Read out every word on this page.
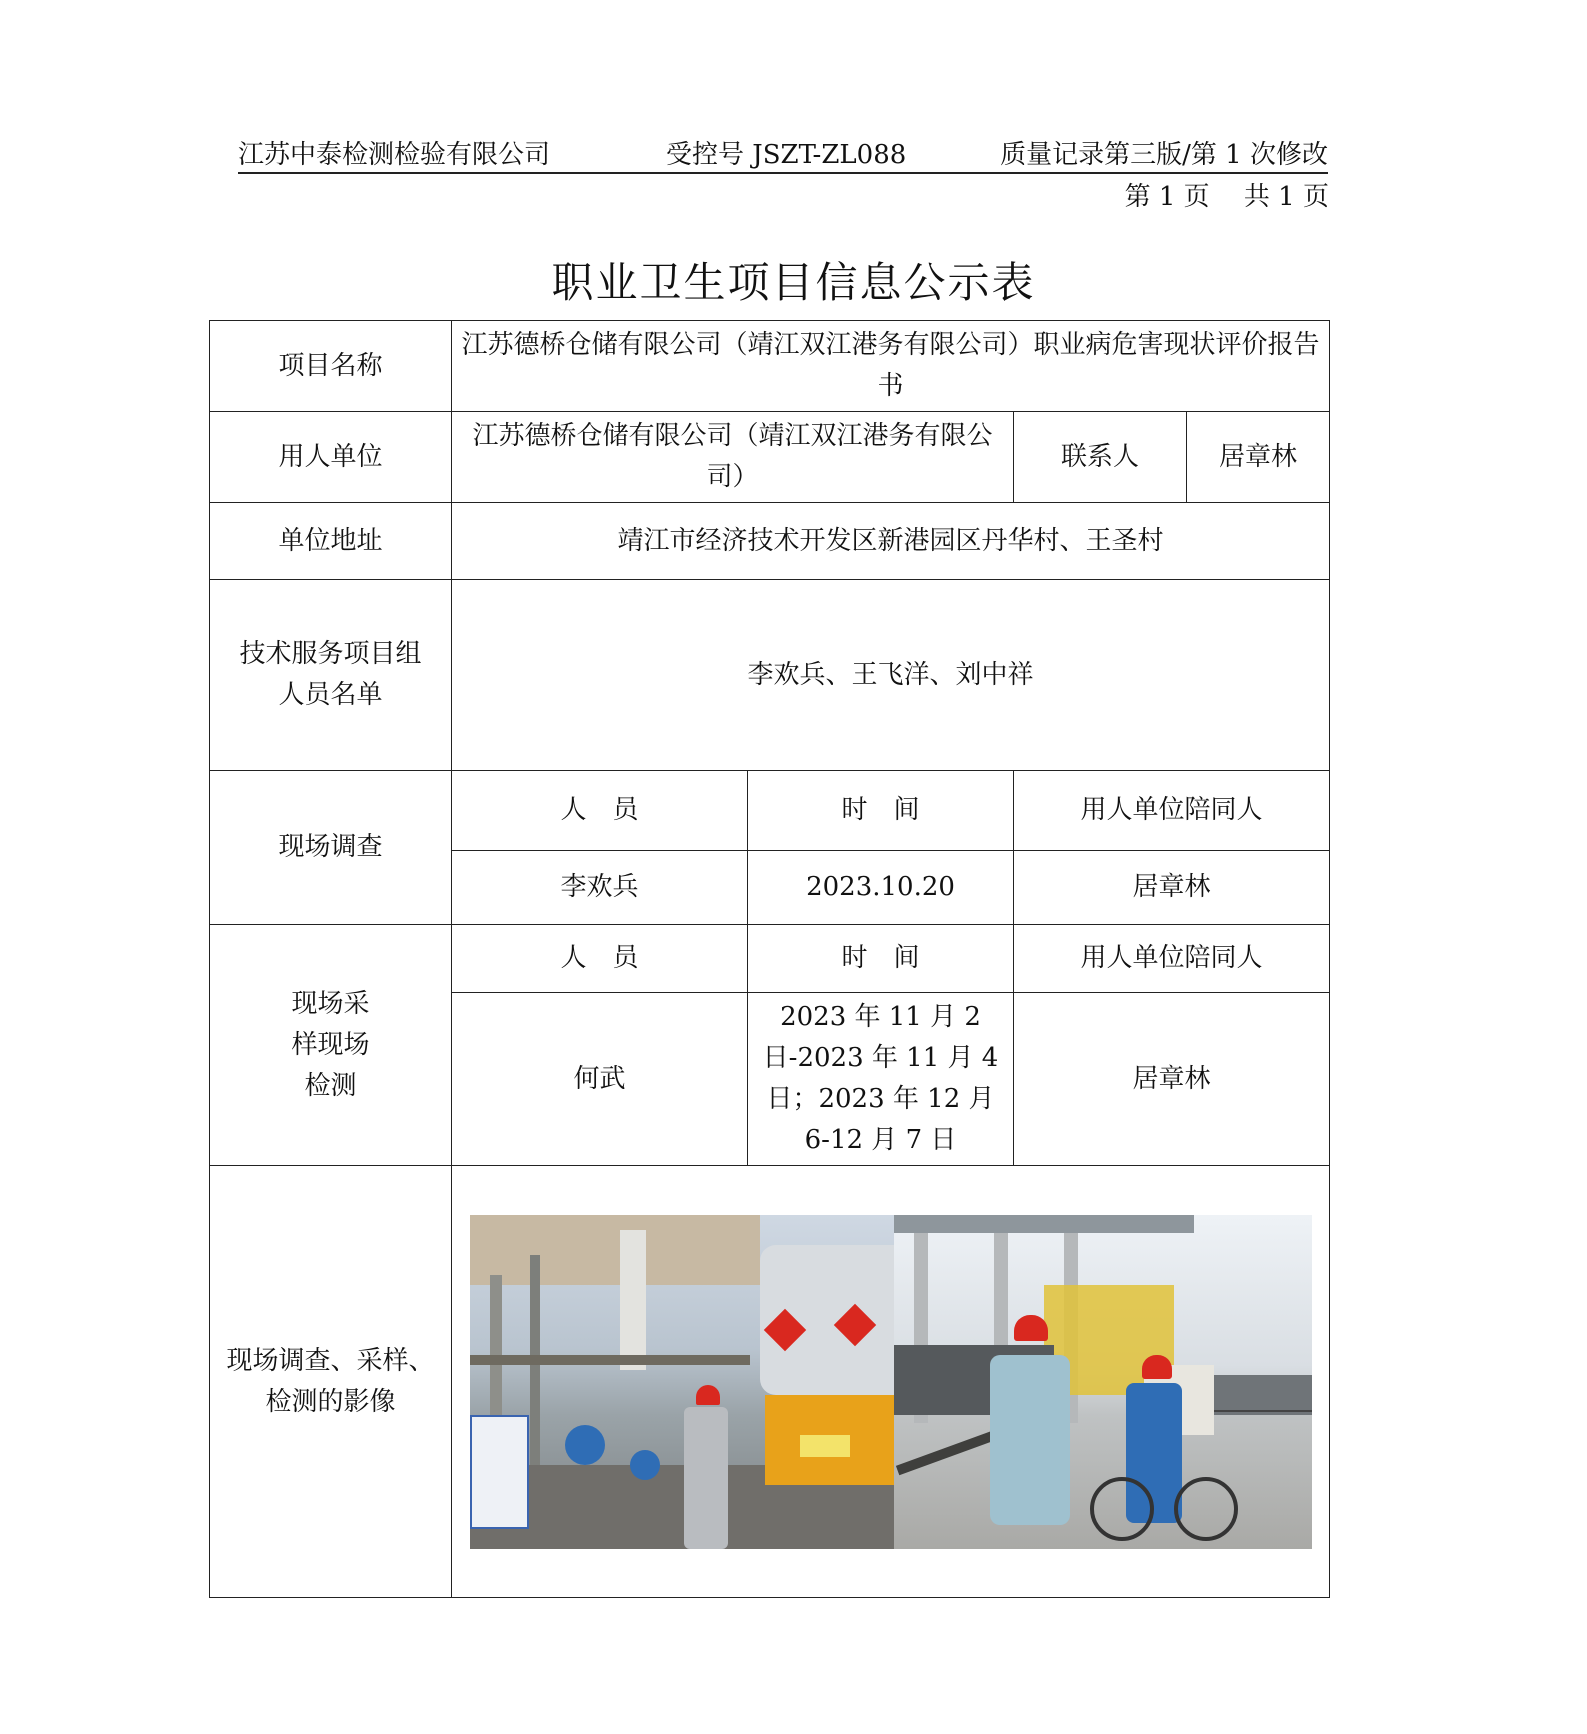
江苏中泰检测检验有限公司	受控号 JSZT-ZL088	质量记录第三版/第 1 次修改
第 1 页　 共 1 页
职业卫生项目信息公示表
项目名称	江苏德桥仓储有限公司（靖江双江港务有限公司）职业病危害现状评价报告书			
用人单位	江苏德桥仓储有限公司（靖江双江港务有限公司）		联系人	居章林
单位地址	靖江市经济技术开发区新港园区丹华村、王圣村			
技术服务项目组人员名单	李欢兵、王飞洋、刘中祥			
现场调查	人　员	时　间	用人单位陪同人	
	李欢兵	2023.10.20	居章林	
现场采样现场检测	人　员	时　间	用人单位陪同人	
	何武	2023 年 11 月 2 日-2023 年 11 月 4 日；2023 年 12 月 6-12 月 7 日	居章林	
现场调查、采样、检测的影像				
